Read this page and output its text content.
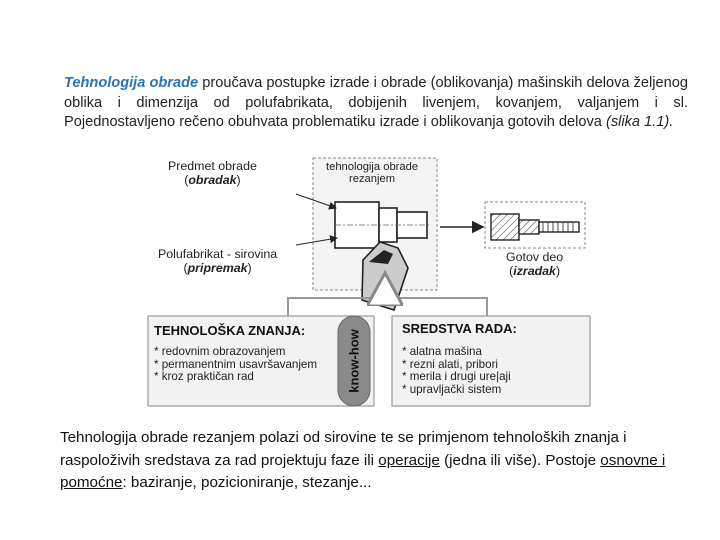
Tehnologija obrade proučava postupke izrade i obrade (oblikovanja) mašinskih delova željenog oblika i dimenzija od polufabrikata, dobijenih livenjem, kovanjem, valjanjem i sl. Pojednostavljeno rečeno obuhvata problematiku izrade i oblikovanja gotovih delova (slika 1.1).
Predmet obrade
(obradak)
tehnologija obrade
rezanjem
Polufabrikat - sirovina
(pripremak)
Gotov deo
(izradak)
TEHNOLOŠKA ZNANJA:
* redovnim obrazovanjem
* permanentnim usavršavanjem
* kroz praktičan rad	know-how
SREDSTVA RADA:
* alatna mašina
* rezni alati, pribori
* merila i drugi ure|aji
* upravljački sistem
Tehnologija obrade rezanjem polazi od sirovine te se primjenom tehnoloških znanja i raspoloživih sredstava za rad projektuju faze ili operacije (jedna ili više). Postoje osnovne i pomoćne: baziranje, pozicioniranje, stezanje...
